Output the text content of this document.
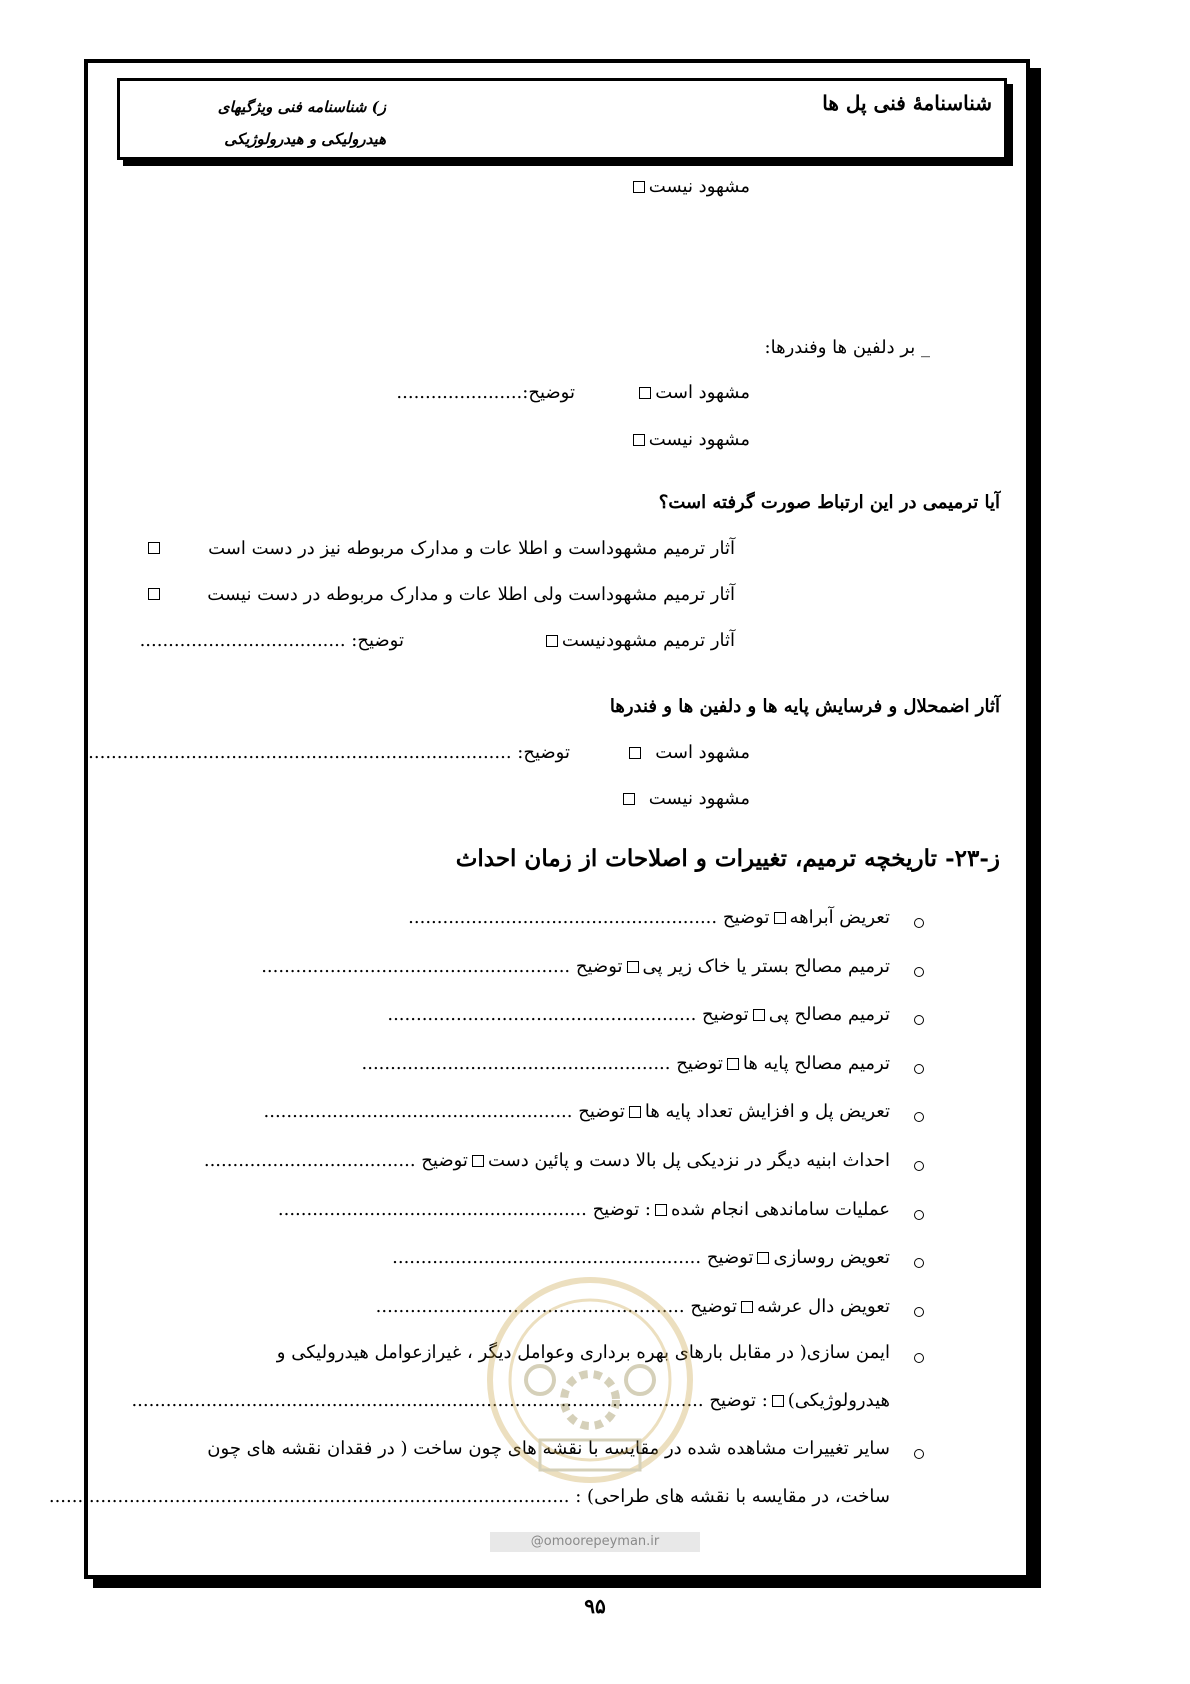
شناسنامۀ فنی پل ها
ز) شناسنامه فنی ویژگیهای
هیدرولیکی و هیدرولوژیکی
مشهود نیست
_ بر دلفین ها وفندرها:
مشهود است
توضیح:......................
مشهود نیست
آیا ترمیمی در این ارتباط صورت گرفته است؟
آثار ترمیم مشهوداست و اطلا عات و مدارک مربوطه نیز در دست است
آثار ترمیم مشهوداست ولی اطلا عات و مدارک مربوطه در دست نیست
آثار ترمیم مشهودنیست
توضیح: ....................................
آثار اضمحلال و فرسایش پایه ها و دلفین ها و فندرها
مشهود است
توضیح: ..........................................................................
مشهود نیست
ز-۲۳- تاریخچه ترمیم، تغییرات و اصلاحات از زمان احداث
تعریض آبراههتوضیح ......................................................
ترمیم مصالح بستر یا خاک زیر پیتوضیح ......................................................
ترمیم مصالح پیتوضیح ......................................................
ترمیم مصالح پایه هاتوضیح ......................................................
تعریض پل و افزایش تعداد پایه هاتوضیح ......................................................
احداث ابنیه دیگر در نزدیکی پل بالا دست و پائین دستتوضیح .....................................
عملیات ساماندهی انجام شده: توضیح ......................................................
تعویض روسازیتوضیح ......................................................
تعویض دال عرشهتوضیح ......................................................
ایمن سازی( در مقابل بارهای بهره برداری وعوامل دیگر ، غیرازعوامل هیدرولیکی و
هیدرولوژیکی): توضیح ....................................................................................................
سایر تغییرات مشاهده شده در مقایسه با نقشه های چون ساخت ( در فقدان نقشه های چون
ساخت، در مقایسه با نقشه های طراحی) : ...........................................................................................
@omoorepeyman.ir
۹۵
